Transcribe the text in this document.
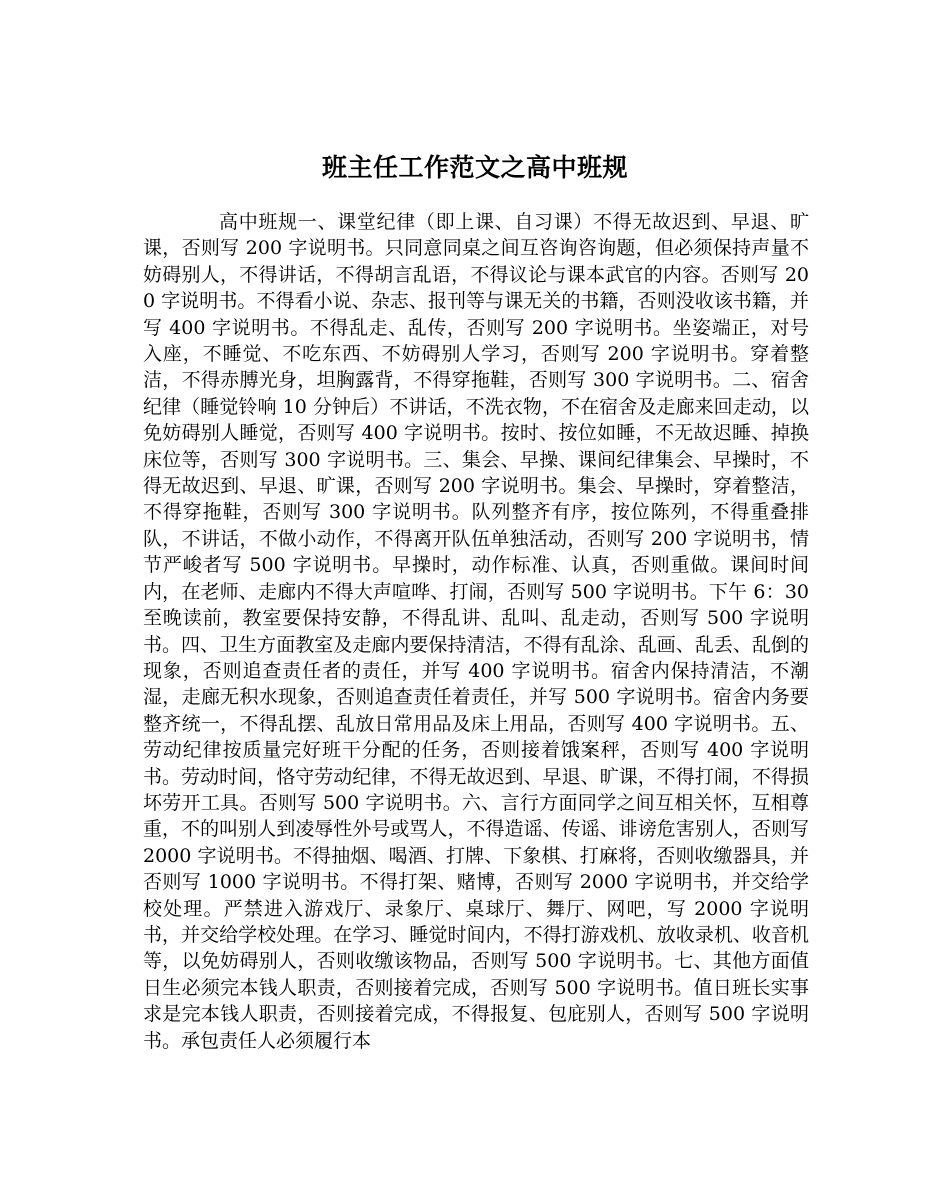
班主任工作范文之高中班规

高中班规一、课堂纪律（即上课、自习课）不得无故迟到、早退、旷课，否则写 200 字说明书。只同意同桌之间互咨询咨询题，但必须保持声量不妨碍别人，不得讲话，不得胡言乱语，不得议论与课本武官的内容。否则写 200 字说明书。不得看小说、杂志、报刊等与课无关的书籍，否则没收该书籍，并写 400 字说明书。不得乱走、乱传，否则写 200 字说明书。坐姿端正，对号入座，不睡觉、不吃东西、不妨碍别人学习，否则写 200 字说明书。穿着整洁，不得赤膊光身，坦胸露背，不得穿拖鞋，否则写 300 字说明书。二、宿舍纪律（睡觉铃响 10 分钟后）不讲话，不洗衣物，不在宿舍及走廊来回走动，以免妨碍别人睡觉，否则写 400 字说明书。按时、按位如睡，不无故迟睡、掉换床位等，否则写 300 字说明书。三、集会、早操、课间纪律集会、早操时，不得无故迟到、早退、旷课，否则写 200 字说明书。集会、早操时，穿着整洁，不得穿拖鞋，否则写 300 字说明书。队列整齐有序，按位陈列，不得重叠排队，不讲话，不做小动作，不得离开队伍单独活动，否则写 200 字说明书，情节严峻者写 500 字说明书。早操时，动作标准、认真，否则重做。课间时间内，在老师、走廊内不得大声喧哗、打闹，否则写 500 字说明书。下午 6：30 至晚读前，教室要保持安静，不得乱讲、乱叫、乱走动，否则写 500 字说明书。四、卫生方面教室及走廊内要保持清洁，不得有乱涂、乱画、乱丢、乱倒的现象，否则追查责任者的责任，并写 400 字说明书。宿舍内保持清洁，不潮湿，走廊无积水现象，否则追查责任着责任，并写 500 字说明书。宿舍内务要整齐统一，不得乱摆、乱放日常用品及床上用品，否则写 400 字说明书。五、劳动纪律按质量完好班干分配的任务，否则接着饿案秤，否则写 400 字说明书。劳动时间，恪守劳动纪律，不得无故迟到、早退、旷课，不得打闹，不得损坏劳开工具。否则写 500 字说明书。六、言行方面同学之间互相关怀，互相尊重，不的叫别人到凌辱性外号或骂人，不得造谣、传谣、诽谤危害别人，否则写 2000 字说明书。不得抽烟、喝酒、打牌、下象棋、打麻将，否则收缴器具，并否则写 1000 字说明书。不得打架、赌博，否则写 2000 字说明书，并交给学校处理。严禁进入游戏厅、录象厅、桌球厅、舞厅、网吧，写 2000 字说明书，并交给学校处理。在学习、睡觉时间内，不得打游戏机、放收录机、收音机等，以免妨碍别人，否则收缴该物品，否则写 500 字说明书。七、其他方面值日生必须完本钱人职责，否则接着完成，否则写 500 字说明书。值日班长实事求是完本钱人职责，否则接着完成，不得报复、包庇别人，否则写 500 字说明书。承包责任人必须履行本
